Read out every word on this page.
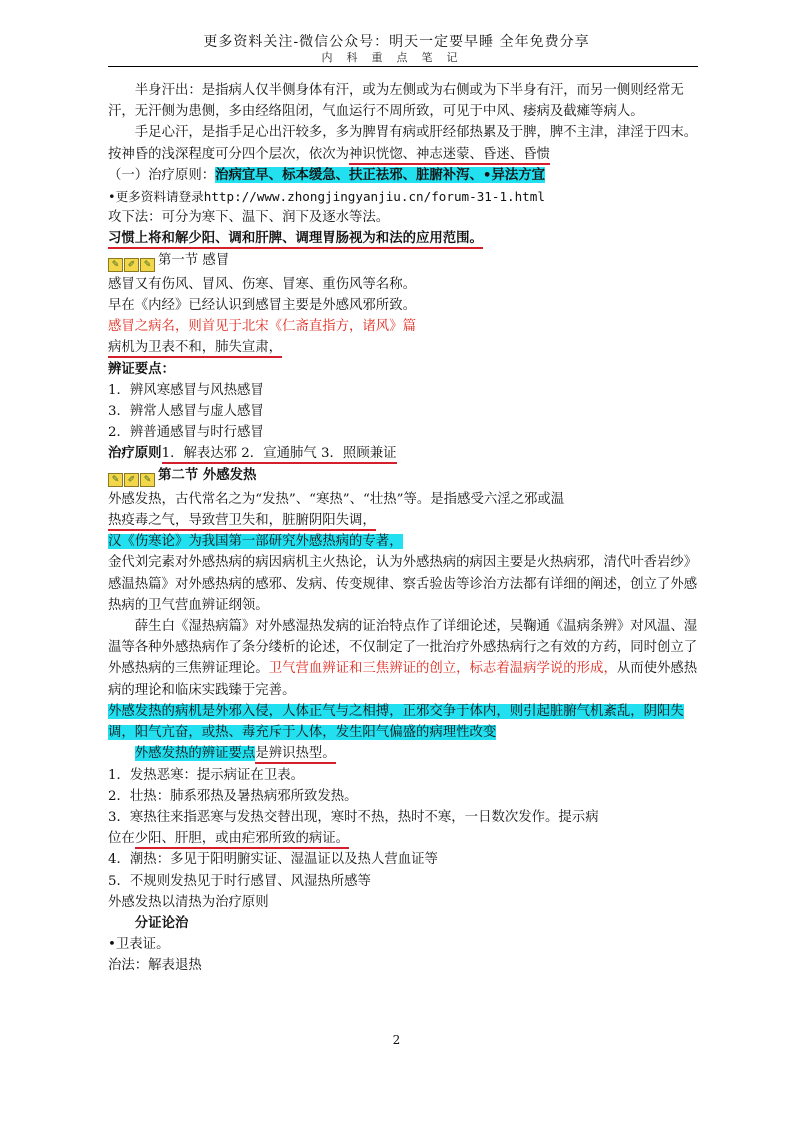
更多资料关注-微信公众号：明天一定要早睡 全年免费分享
内科重点笔记

半身汗出：是指病人仅半侧身体有汗，或为左侧或为右侧或为下半身有汗，而另一侧则经常无汗，无汗侧为患侧，多由经络阻闭，气血运行不周所致，可见于中风、痿病及截瘫等病人。

手足心汗，是指手足心出汗较多，多为脾胃有病或肝经郁热累及于脾，脾不主津，津淫于四末。

按神昏的浅深程度可分四个层次，依次为神识恍惚、神志迷蒙、昏迷、昏愦

（一）治疗原则：治病宜早、标本缓急、扶正祛邪、脏腑补泻、•异法方宜

•更多资料请登录http://www.zhongjingyanjiu.cn/forum-31-1.html

攻下法：可分为寒下、温下、润下及逐水等法。

习惯上将和解少阳、调和肝脾、调理胃肠视为和法的应用范围。

✎ ✐ ✎ 第一节 感冒

感冒又有伤风、冒风、伤寒、冒寒、重伤风等名称。

早在《内经》已经认识到感冒主要是外感风邪所致。

感冒之病名，则首见于北宋《仁斋直指方，诸风》篇

病机为卫表不和，肺失宣肃，

辨证要点：

1．辨风寒感冒与风热感冒

3．辨常人感冒与虚人感冒

2．辨普通感冒与时行感冒

治疗原则1．解表达邪 2．宣通肺气 3．照顾兼证

✎ ✐ ✎ 第二节 外感发热

外感发热，古代常名之为“发热”、“寒热”、“壮热”等。是指感受六淫之邪或温
热疫毒之气，导致营卫失和，脏腑阴阳失调，

汉《伤寒论》为我国第一部研究外感热病的专著，

金代刘完素对外感热病的病因病机主火热论，认为外感热病的病因主要是火热病邪，清代叶香岩纱》感温热篇》对外感热病的感邪、发病、传变规律、察舌验齿等诊治方法都有详细的阐述，创立了外感热病的卫气营血辨证纲领。

薛生白《湿热病篇》对外感湿热发病的证治特点作了详细论述，吴鞠通《温病条辨》对风温、湿温等各种外感热病作了条分缕析的论述，不仅制定了一批治疗外感热病行之有效的方药，同时创立了外感热病的三焦辨证理论。卫气营血辨证和三焦辨证的创立，标志着温病学说的形成，从而使外感热病的理论和临床实践臻于完善。

外感发热的病机是外邪入侵，人体正气与之相搏，正邪交争于体内，则引起脏腑气机紊乱，阴阳失调，阳气亢奋，或热、毒充斥于人体，发生阳气偏盛的病理性改变

外感发热的辨证要点是辨识热型。

1．发热恶寒：提示病证在卫表。

2．壮热：肺系邪热及暑热病邪所致发热。

3．寒热往来指恶寒与发热交替出现，寒时不热，热时不寒，一日数次发作。提示病
位在少阳、肝胆，或由疟邪所致的病证。

4．潮热：多见于阳明腑实证、湿温证以及热人营血证等

5．不规则发热见于时行感冒、风湿热所感等

外感发热以清热为治疗原则

分证论治

•卫表证。

治法：解表退热

2
